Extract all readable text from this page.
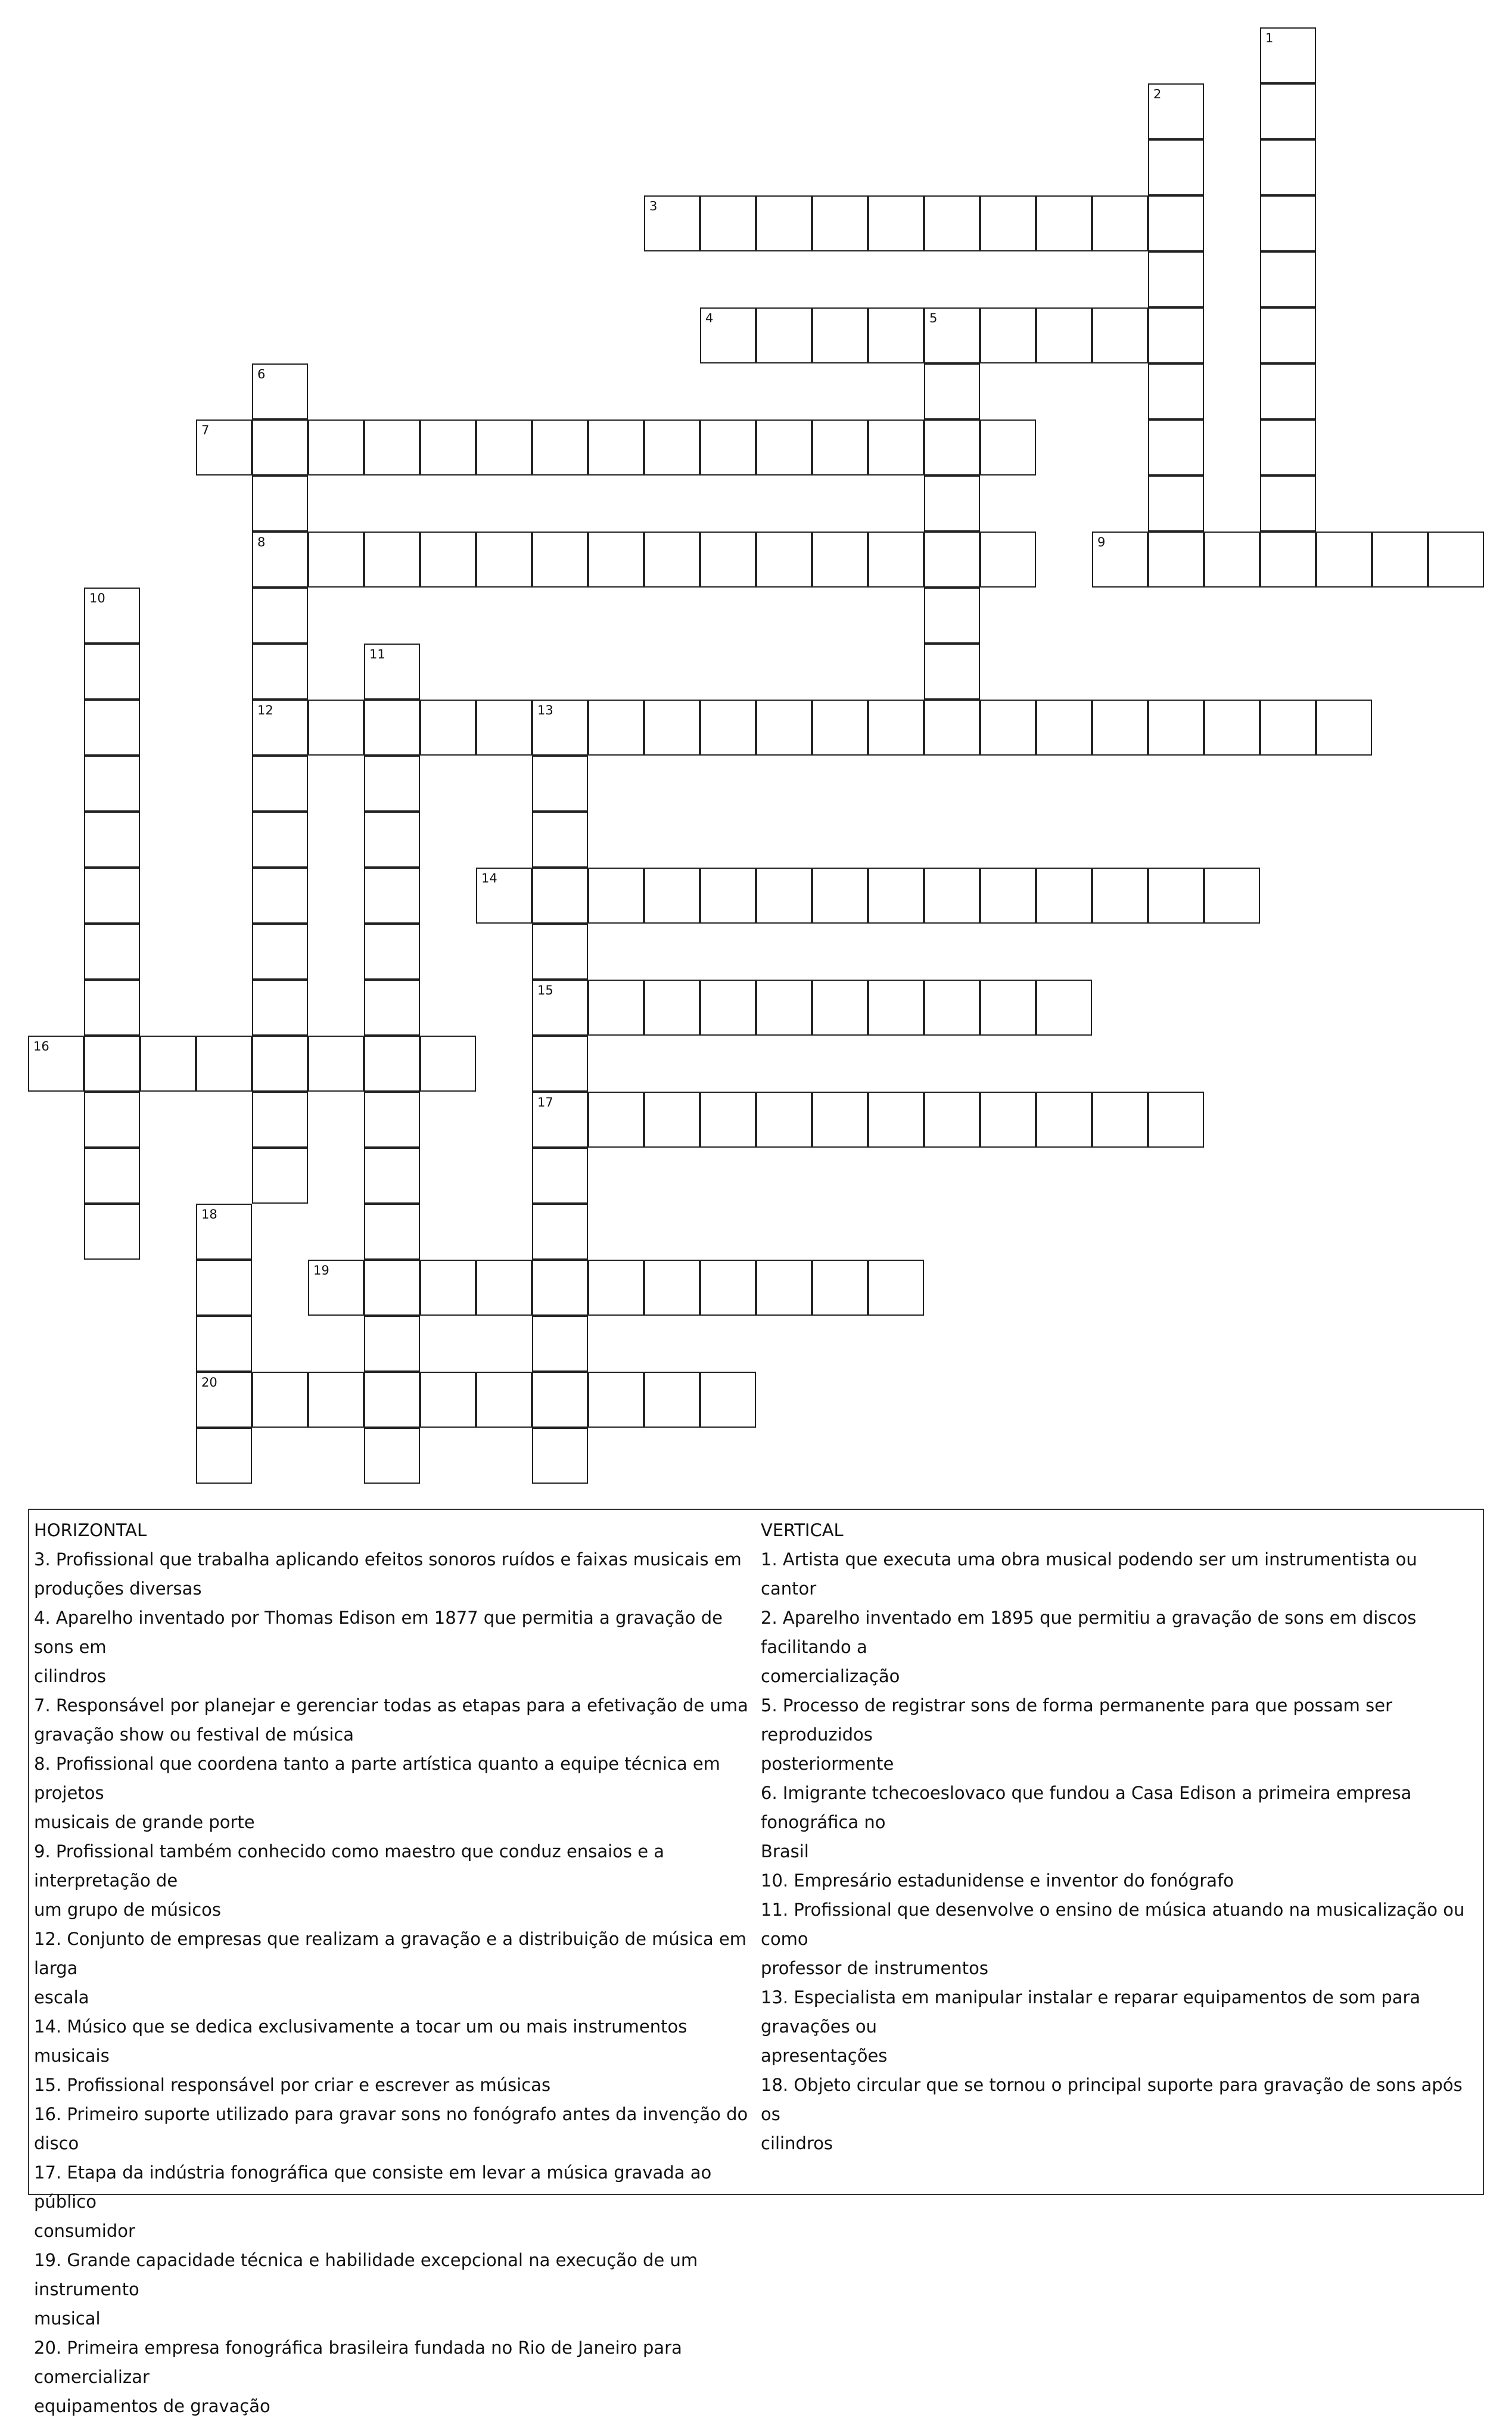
1
2
3
4	5
6
8
12
7
9
10
11
13
15
17
14
16
18
20
19
HORIZONTAL
3. Profissional que trabalha aplicando efeitos sonoros ruídos e faixas musicais em
produções diversas
4. Aparelho inventado por Thomas Edison em 1877 que permitia a gravação de sons em
cilindros
7. Responsável por planejar e gerenciar todas as etapas para a efetivação de uma
gravação show ou festival de música
8. Profissional que coordena tanto a parte artística quanto a equipe técnica em projetos
musicais de grande porte
9. Profissional também conhecido como maestro que conduz ensaios e a interpretação de
um grupo de músicos
12. Conjunto de empresas que realizam a gravação e a distribuição de música em larga
escala
14. Músico que se dedica exclusivamente a tocar um ou mais instrumentos musicais
15. Profissional responsável por criar e escrever as músicas
16. Primeiro suporte utilizado para gravar sons no fonógrafo antes da invenção do disco
17. Etapa da indústria fonográfica que consiste em levar a música gravada ao público
consumidor
19. Grande capacidade técnica e habilidade excepcional na execução de um instrumento
musical
20. Primeira empresa fonográfica brasileira fundada no Rio de Janeiro para comercializar
equipamentos de gravação
VERTICAL
1. Artista que executa uma obra musical podendo ser um instrumentista ou cantor
2. Aparelho inventado em 1895 que permitiu a gravação de sons em discos facilitando a
comercialização
5. Processo de registrar sons de forma permanente para que possam ser reproduzidos
posteriormente
6. Imigrante tchecoeslovaco que fundou a Casa Edison a primeira empresa fonográfica no
Brasil
10. Empresário estadunidense e inventor do fonógrafo
11. Profissional que desenvolve o ensino de música atuando na musicalização ou como
professor de instrumentos
13. Especialista em manipular instalar e reparar equipamentos de som para gravações ou
apresentações
18. Objeto circular que se tornou o principal suporte para gravação de sons após os
cilindros
